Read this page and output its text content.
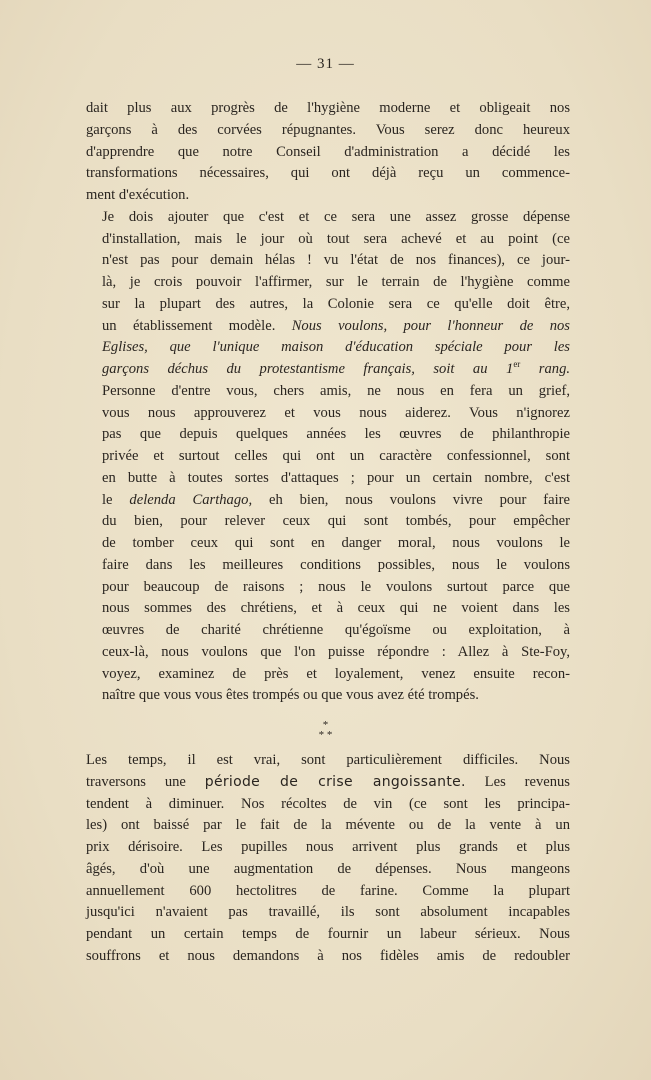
— 31 —

dait plus aux progrès de l'hygiène moderne et obligeait nos
garçons à des corvées répugnantes. Vous serez donc heureux
d'apprendre que notre Conseil d'administration a décidé les
transformations nécessaires, qui ont déjà reçu un commence-
ment d'exécution.

Je dois ajouter que c'est et ce sera une assez grosse dépense
d'installation, mais le jour où tout sera achevé et au point (ce
n'est pas pour demain hélas ! vu l'état de nos finances), ce jour-
là, je crois pouvoir l'affirmer, sur le terrain de l'hygiène comme
sur la plupart des autres, la Colonie sera ce qu'elle doit être,
un établissement modèle. Nous voulons, pour l'honneur de nos
Eglises, que l'unique maison d'éducation spéciale pour les
garçons déchus du protestantisme français, soit au 1er rang.
Personne d'entre vous, chers amis, ne nous en fera un grief,
vous nous approuverez et vous nous aiderez. Vous n'ignorez
pas que depuis quelques années les œuvres de philanthropie
privée et surtout celles qui ont un caractère confessionnel, sont
en butte à toutes sortes d'attaques ; pour un certain nombre, c'est
le delenda Carthago, eh bien, nous voulons vivre pour faire
du bien, pour relever ceux qui sont tombés, pour empêcher
de tomber ceux qui sont en danger moral, nous voulons le
faire dans les meilleures conditions possibles, nous le voulons
pour beaucoup de raisons ; nous le voulons surtout parce que
nous sommes des chrétiens, et à ceux qui ne voient dans les
œuvres de charité chrétienne qu'égoïsme ou exploitation, à
ceux-là, nous voulons que l'on puisse répondre : Allez à Ste-Foy,
voyez, examinez de près et loyalement, venez ensuite recon-
naître que vous vous êtes trompés ou que vous avez été trompés.

*
* *

Les temps, il est vrai, sont particulièrement difficiles. Nous
traversons une période de crise angoissante. Les revenus
tendent à diminuer. Nos récoltes de vin (ce sont les principa-
les) ont baissé par le fait de la mévente ou de la vente à un
prix dérisoire. Les pupilles nous arrivent plus grands et plus
âgés, d'où une augmentation de dépenses. Nous mangeons
annuellement 600 hectolitres de farine. Comme la plupart
jusqu'ici n'avaient pas travaillé, ils sont absolument incapables
pendant un certain temps de fournir un labeur sérieux. Nous
souffrons et nous demandons à nos fidèles amis de redoubler
